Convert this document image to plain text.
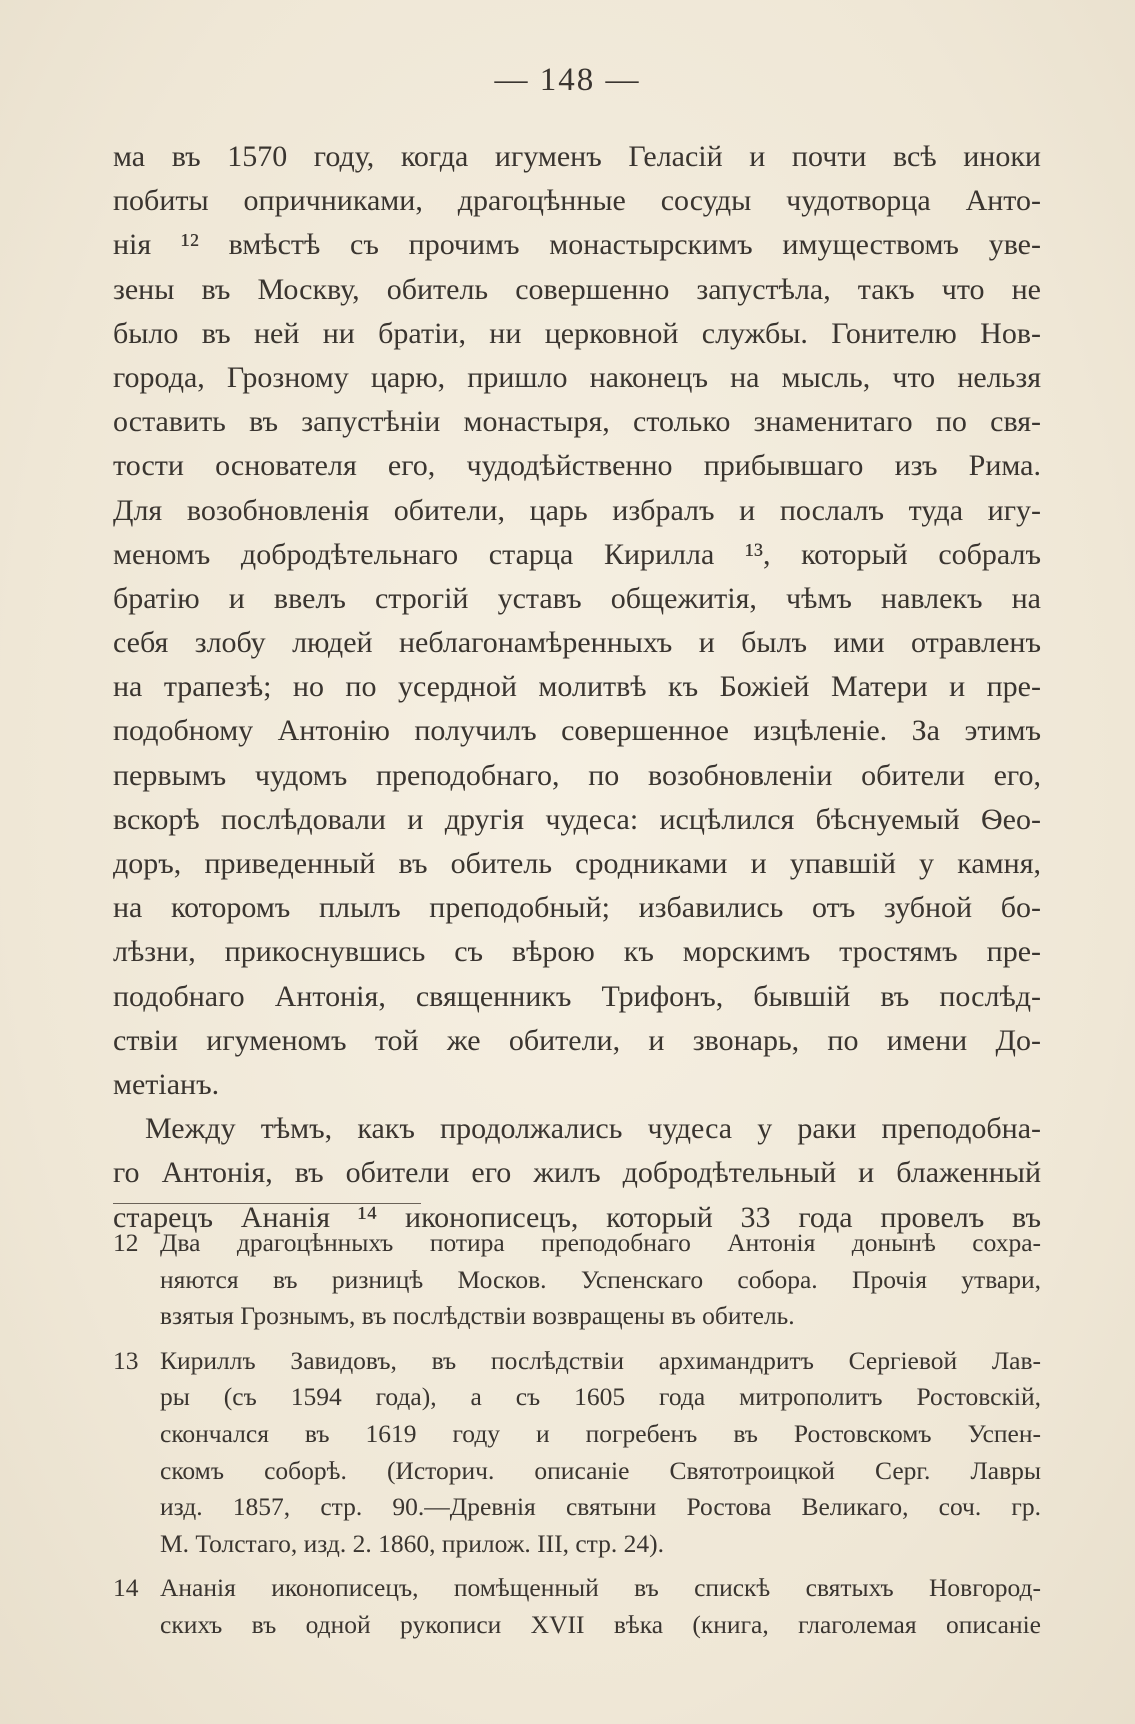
— 148 —
ма въ 1570 году, когда игуменъ Геласій и почти всѣ иноки
побиты опричниками, драгоцѣнные сосуды чудотворца Анто-
нія ¹² вмѣстѣ съ прочимъ монастырскимъ имуществомъ уве-
зены въ Москву, обитель совершенно запустѣла, такъ что не
было въ ней ни братіи, ни церковной службы. Гонителю Нов-
города, Грозному царю, пришло наконецъ на мысль, что нельзя
оставить въ запустѣніи монастыря, столько знаменитаго по свя-
тости основателя его, чудодѣйственно прибывшаго изъ Рима.
Для возобновленія обители, царь избралъ и послалъ туда игу-
меномъ добродѣтельнаго старца Кирилла ¹³, который собралъ
братію и ввелъ строгій уставъ общежитія, чѣмъ навлекъ на
себя злобу людей неблагонамѣренныхъ и былъ ими отравленъ
на трапезѣ; но по усердной молитвѣ къ Божіей Матери и пре-
подобному Антонію получилъ совершенное изцѣленіе. За этимъ
первымъ чудомъ преподобнаго, по возобновленіи обители его,
вскорѣ послѣдовали и другія чудеса: исцѣлился бѣснуемый Ѳео-
доръ, приведенный въ обитель сродниками и упавшій у камня,
на которомъ плылъ преподобный; избавились отъ зубной бо-
лѣзни, прикоснувшись съ вѣрою къ морскимъ тростямъ пре-
подобнаго Антонія, священникъ Трифонъ, бывшій въ послѣд-
ствіи игуменомъ той же обители, и звонарь, по имени До-
метіанъ.
Между тѣмъ, какъ продолжались чудеса у раки преподобна-
го Антонія, въ обители его жилъ добродѣтельный и блаженный
старецъ Ананія ¹⁴ иконописецъ, который 33 года провелъ въ
12 Два драгоцѣнныхъ потира преподобнаго Антонія донынѣ сохра-
няются въ ризницѣ Москов. Успенскаго собора. Прочія утвари,
взятыя Грознымъ, въ послѣдствіи возвращены въ обитель.
13 Кириллъ Завидовъ, въ послѣдствіи архимандритъ Сергіевой Лав-
ры (съ 1594 года), а съ 1605 года митрополитъ Ростовскій,
скончался въ 1619 году и погребенъ въ Ростовскомъ Успен-
скомъ соборѣ. (Историч. описаніе Святотроицкой Серг. Лавры
изд. 1857, стр. 90.—Древнія святыни Ростова Великаго, соч. гр.
М. Толстаго, изд. 2. 1860, прилож. III, стр. 24).
14 Ананія иконописецъ, помѣщенный въ спискѣ святыхъ Новгород-
скихъ въ одной рукописи XVII вѣка (книга, глаголемая описаніе
